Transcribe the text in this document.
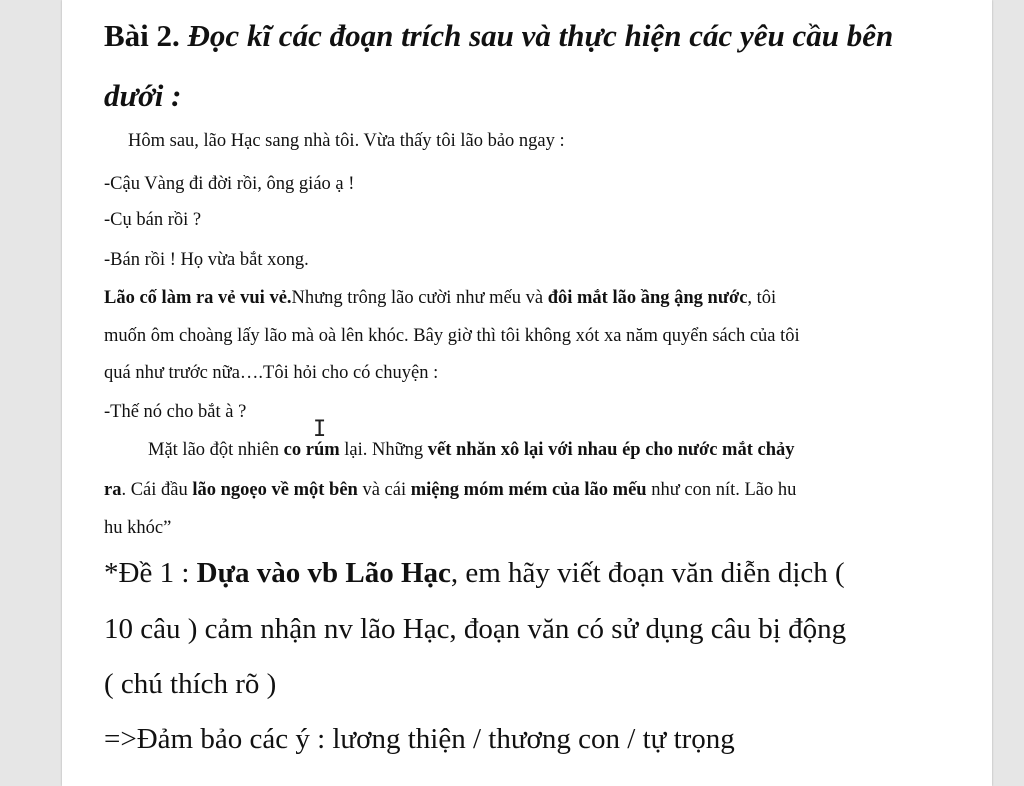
Bài 2. Đọc kĩ các đoạn trích sau và thực hiện các yêu cầu bên
dưới :
Hôm sau, lão Hạc sang nhà tôi. Vừa thấy tôi lão bảo ngay :
-Cậu Vàng đi đời rồi, ông giáo ạ !
-Cụ bán rồi ?
-Bán rồi ! Họ vừa bắt xong.
Lão cố làm ra vẻ vui vẻ.Nhưng trông lão cười như mếu và đôi mắt lão ầng ậng nước, tôi
muốn ôm choàng lấy lão mà oà lên khóc. Bây giờ thì tôi không xót xa năm quyển sách của tôi
quá như trước nữa….Tôi hỏi cho có chuyện :
-Thế nó cho bắt à ?
Mặt lão đột nhiên co rúm lại. Những vết nhăn xô lại với nhau ép cho nước mắt chảy
ra. Cái đầu lão ngoẹo về một bên và cái miệng móm mém của lão mếu như con nít. Lão hu
hu khóc”
*Đề 1 : Dựa vào vb Lão Hạc, em hãy viết đoạn văn diễn dịch (
10 câu ) cảm nhận nv lão Hạc, đoạn văn có sử dụng câu bị động
( chú thích rõ )
=>Đảm bảo các ý : lương thiện / thương con / tự trọng
I
